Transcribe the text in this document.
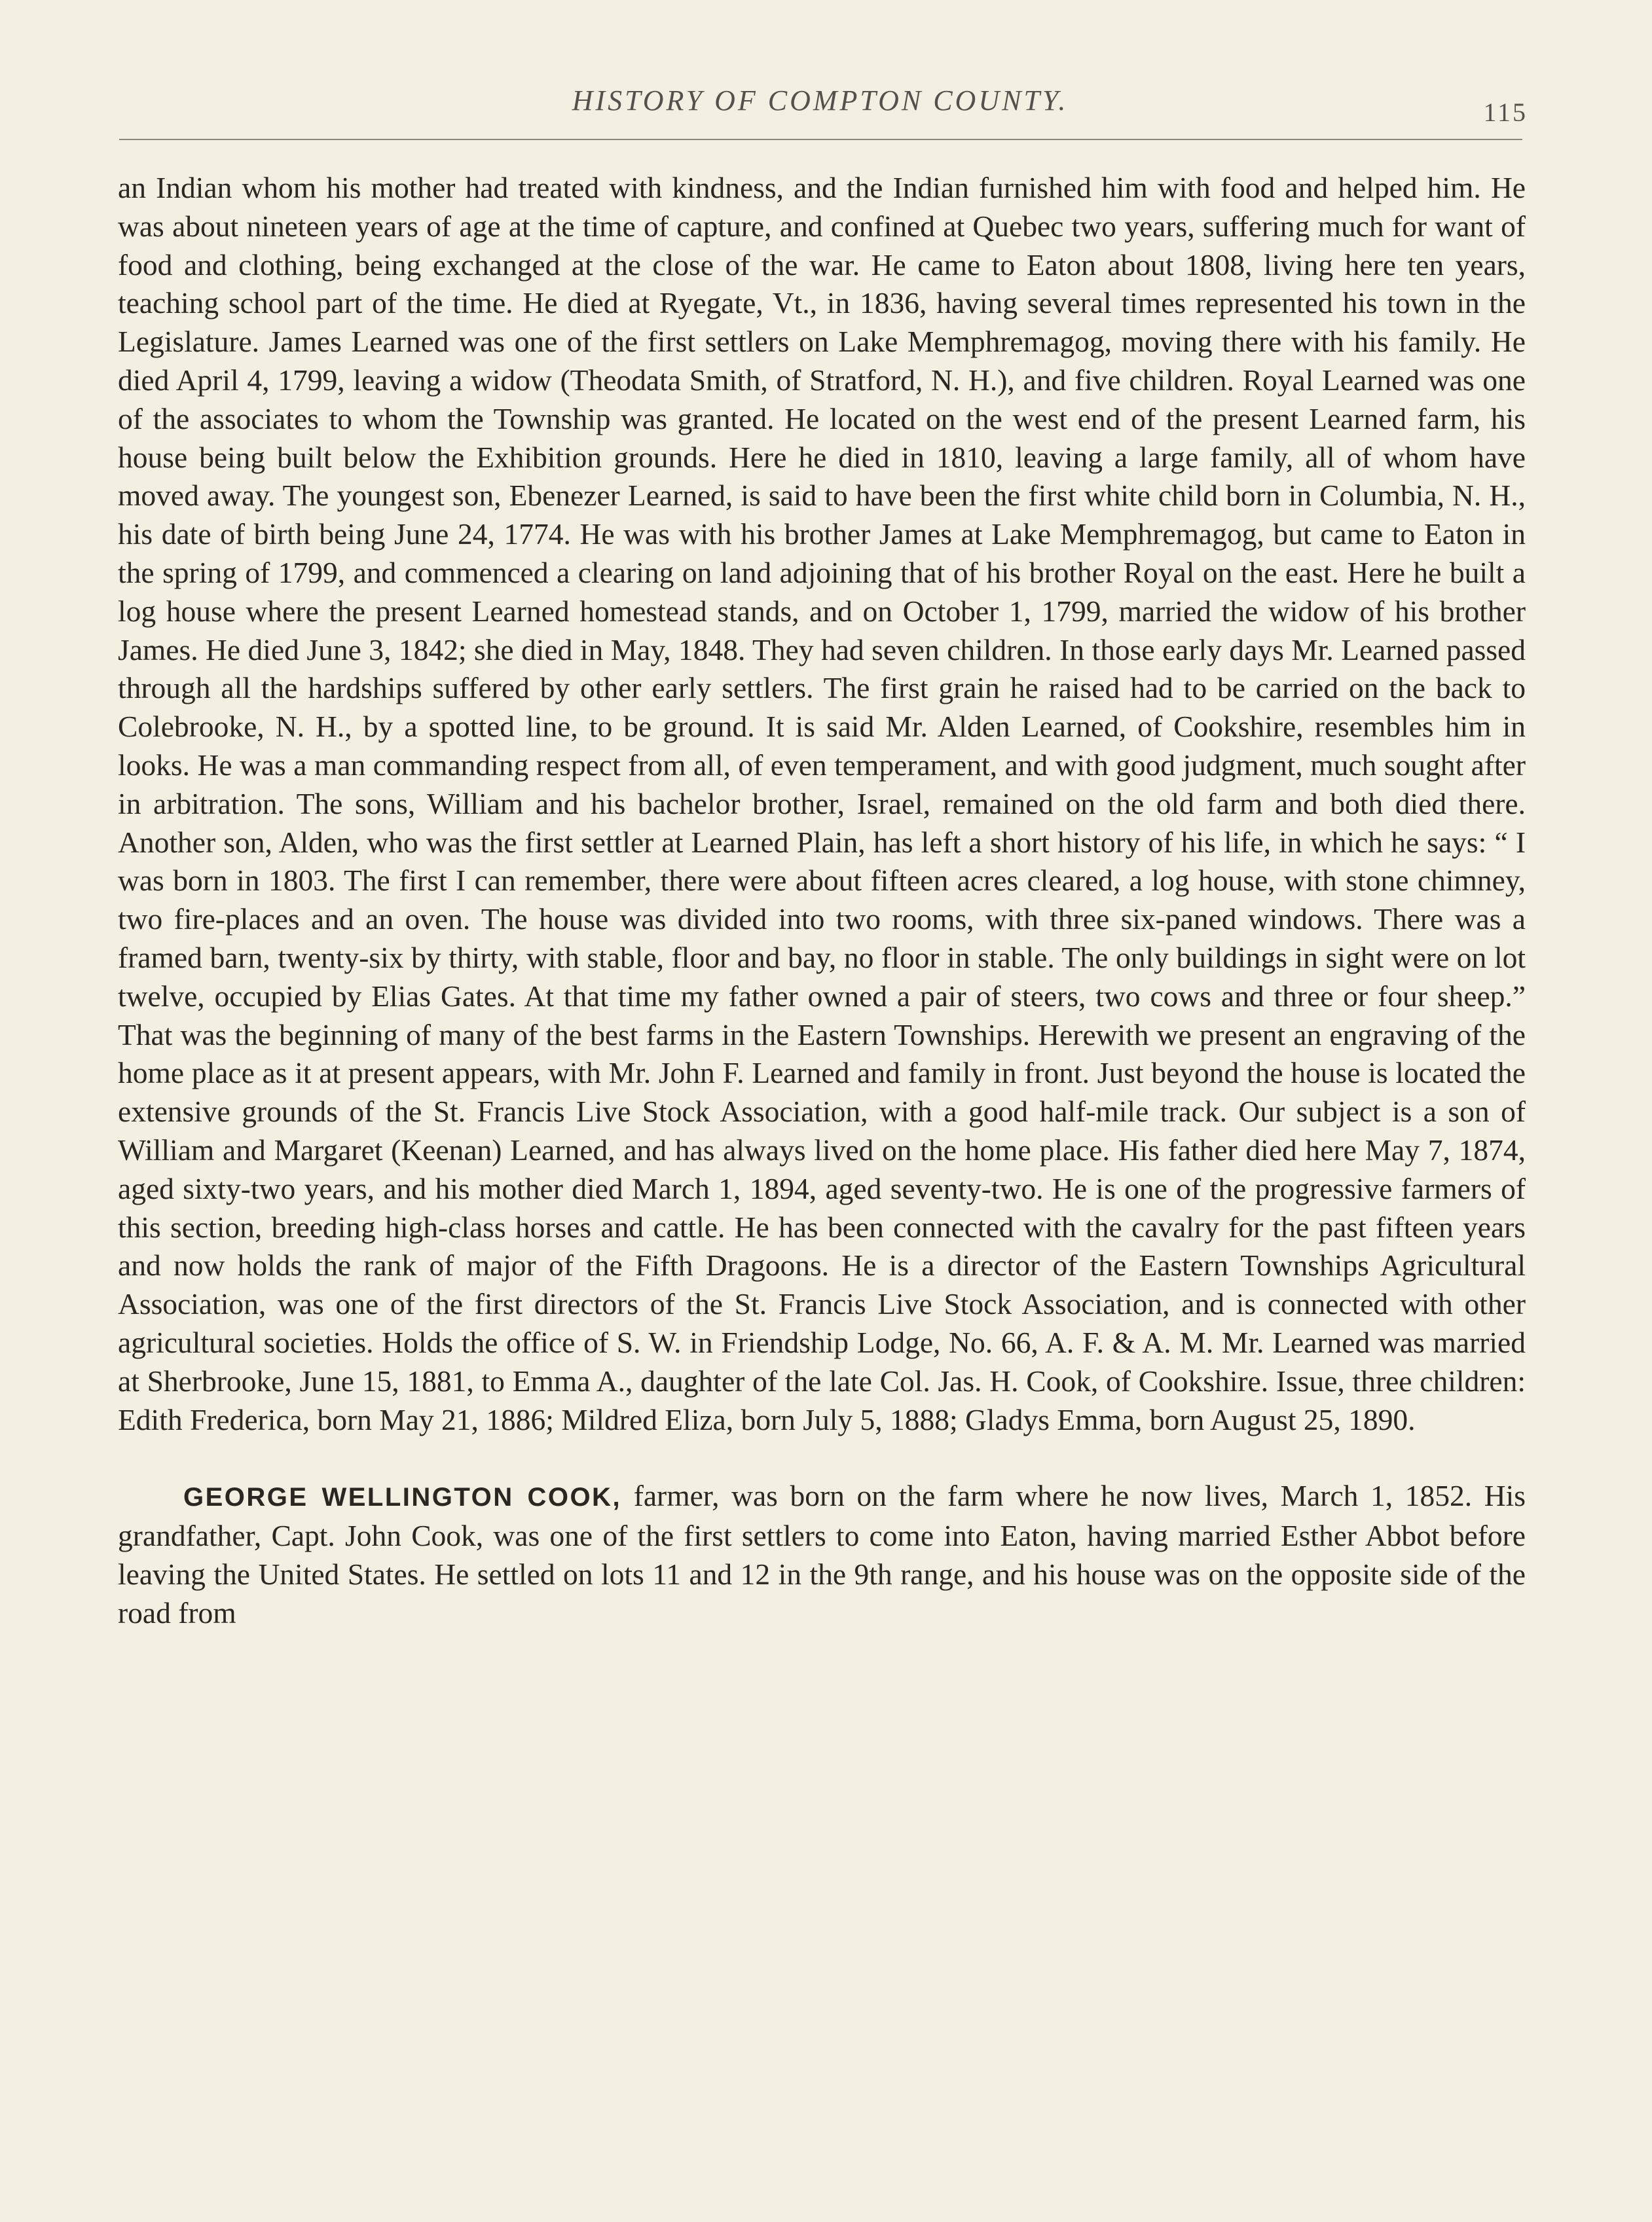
HISTORY OF COMPTON COUNTY.	115

an Indian whom his mother had treated with kindness, and the Indian furnished him with food and helped him. He was about nineteen years of age at the time of capture, and confined at Quebec two years, suffering much for want of food and clothing, being exchanged at the close of the war. He came to Eaton about 1808, living here ten years, teaching school part of the time. He died at Ryegate, Vt., in 1836, having several times represented his town in the Legislature. James Learned was one of the first settlers on Lake Memphremagog, moving there with his family. He died April 4, 1799, leaving a widow (Theodata Smith, of Stratford, N. H.), and five children. Royal Learned was one of the associates to whom the Township was granted. He located on the west end of the present Learned farm, his house being built below the Exhibition grounds. Here he died in 1810, leaving a large family, all of whom have moved away. The youngest son, Ebenezer Learned, is said to have been the first white child born in Columbia, N. H., his date of birth being June 24, 1774. He was with his brother James at Lake Memphremagog, but came to Eaton in the spring of 1799, and commenced a clearing on land adjoining that of his brother Royal on the east. Here he built a log house where the present Learned homestead stands, and on October 1, 1799, married the widow of his brother James. He died June 3, 1842; she died in May, 1848. They had seven children. In those early days Mr. Learned passed through all the hardships suffered by other early settlers. The first grain he raised had to be carried on the back to Colebrooke, N. H., by a spotted line, to be ground. It is said Mr. Alden Learned, of Cookshire, resembles him in looks. He was a man commanding respect from all, of even temperament, and with good judgment, much sought after in arbitration. The sons, William and his bachelor brother, Israel, remained on the old farm and both died there. Another son, Alden, who was the first settler at Learned Plain, has left a short history of his life, in which he says: “ I was born in 1803. The first I can remember, there were about fifteen acres cleared, a log house, with stone chimney, two fire-places and an oven. The house was divided into two rooms, with three six-paned windows. There was a framed barn, twenty-six by thirty, with stable, floor and bay, no floor in stable. The only buildings in sight were on lot twelve, occupied by Elias Gates. At that time my father owned a pair of steers, two cows and three or four sheep.” That was the beginning of many of the best farms in the Eastern Townships. Herewith we present an engraving of the home place as it at present appears, with Mr. John F. Learned and family in front. Just beyond the house is located the extensive grounds of the St. Francis Live Stock Association, with a good half-mile track. Our subject is a son of William and Margaret (Keenan) Learned, and has always lived on the home place. His father died here May 7, 1874, aged sixty-two years, and his mother died March 1, 1894, aged seventy-two. He is one of the progressive farmers of this section, breeding high-class horses and cattle. He has been connected with the cavalry for the past fifteen years and now holds the rank of major of the Fifth Dragoons. He is a director of the Eastern Townships Agricultural Association, was one of the first directors of the St. Francis Live Stock Association, and is connected with other agricultural societies. Holds the office of S. W. in Friendship Lodge, No. 66, A. F. & A. M. Mr. Learned was married at Sherbrooke, June 15, 1881, to Emma A., daughter of the late Col. Jas. H. Cook, of Cookshire. Issue, three children: Edith Frederica, born May 21, 1886; Mildred Eliza, born July 5, 1888; Gladys Emma, born August 25, 1890.

GEORGE WELLINGTON COOK, farmer, was born on the farm where he now lives, March 1, 1852. His grandfather, Capt. John Cook, was one of the first settlers to come into Eaton, having married Esther Abbot before leaving the United States. He settled on lots 11 and 12 in the 9th range, and his house was on the opposite side of the road from
